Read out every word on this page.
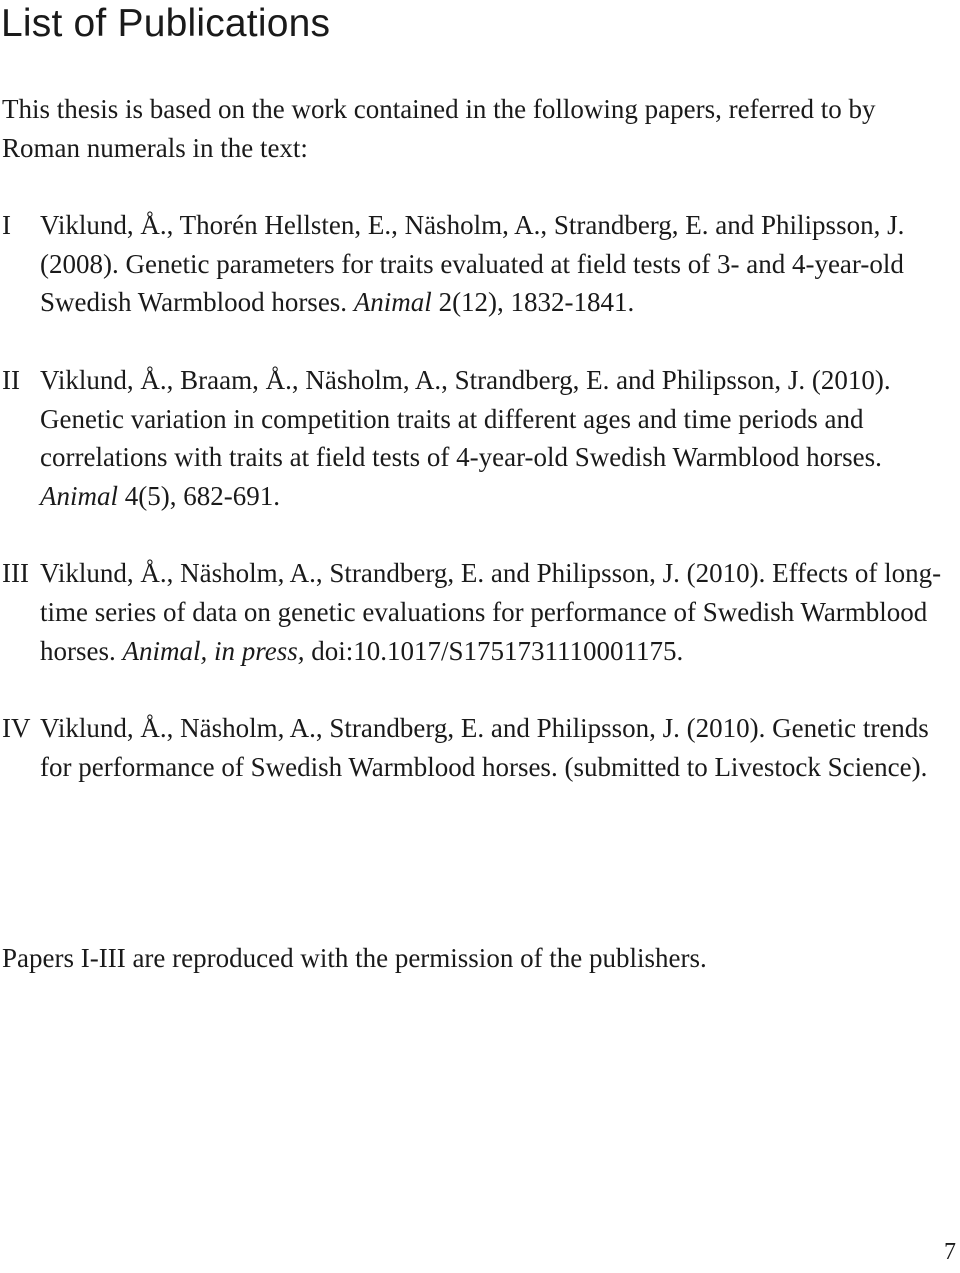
List of Publications

This thesis is based on the work contained in the following papers, referred to by Roman numerals in the text:

I Viklund, Å., Thorén Hellsten, E., Näsholm, A., Strandberg, E. and Philipsson, J. (2008). Genetic parameters for traits evaluated at field tests of 3- and 4-year-old Swedish Warmblood horses. Animal 2(12), 1832-1841.
II Viklund, Å., Braam, Å., Näsholm, A., Strandberg, E. and Philipsson, J. (2010). Genetic variation in competition traits at different ages and time periods and correlations with traits at field tests of 4-year-old Swedish Warmblood horses. Animal 4(5), 682-691.
III Viklund, Å., Näsholm, A., Strandberg, E. and Philipsson, J. (2010). Effects of long-time series of data on genetic evaluations for performance of Swedish Warmblood horses. Animal, in press, doi:10.1017/S1751731110001175.
IV Viklund, Å., Näsholm, A., Strandberg, E. and Philipsson, J. (2010). Genetic trends for performance of Swedish Warmblood horses. (submitted to Livestock Science).

Papers I-III are reproduced with the permission of the publishers.

7
